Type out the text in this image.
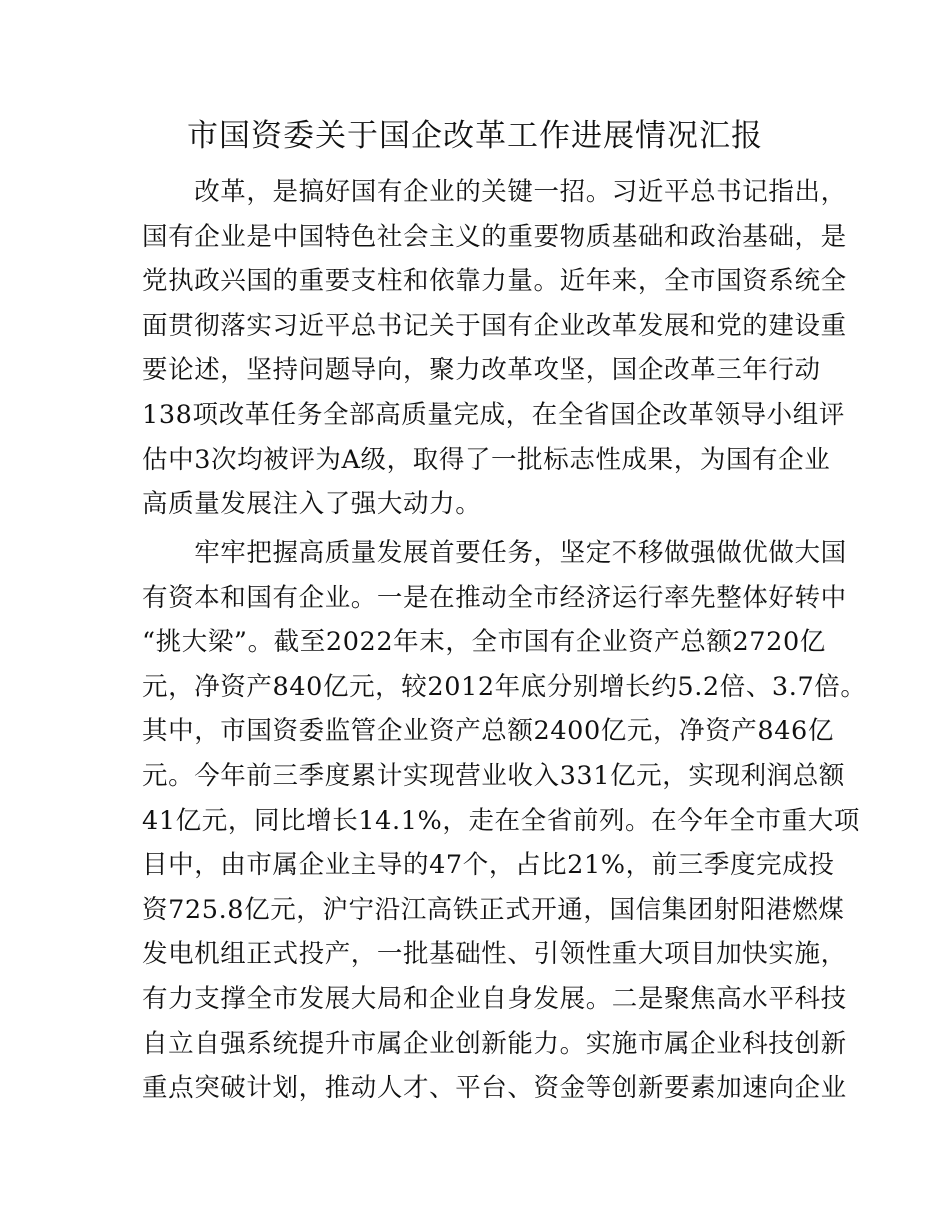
市国资委关于国企改革工作进展情况汇报
　　改革，是搞好国有企业的关键一招。习近平总书记指出，
国有企业是中国特色社会主义的重要物质基础和政治基础，是
党执政兴国的重要支柱和依靠力量。近年来，全市国资系统全
面贯彻落实习近平总书记关于国有企业改革发展和党的建设重
要论述，坚持问题导向，聚力改革攻坚，国企改革三年行动
138项改革任务全部高质量完成，在全省国企改革领导小组评
估中3次均被评为A级，取得了一批标志性成果，为国有企业
高质量发展注入了强大动力。
　　牢牢把握高质量发展首要任务，坚定不移做强做优做大国
有资本和国有企业。一是在推动全市经济运行率先整体好转中
“挑大梁”。截至2022年末，全市国有企业资产总额2720亿
元，净资产840亿元，较2012年底分别增长约5.2倍、3.7倍。
其中，市国资委监管企业资产总额2400亿元，净资产846亿
元。今年前三季度累计实现营业收入331亿元，实现利润总额
41亿元，同比增长14.1%，走在全省前列。在今年全市重大项
目中，由市属企业主导的47个，占比21%，前三季度完成投
资725.8亿元，沪宁沿江高铁正式开通，国信集团射阳港燃煤
发电机组正式投产，一批基础性、引领性重大项目加快实施，
有力支撑全市发展大局和企业自身发展。二是聚焦高水平科技
自立自强系统提升市属企业创新能力。实施市属企业科技创新
重点突破计划，推动人才、平台、资金等创新要素加速向企业
